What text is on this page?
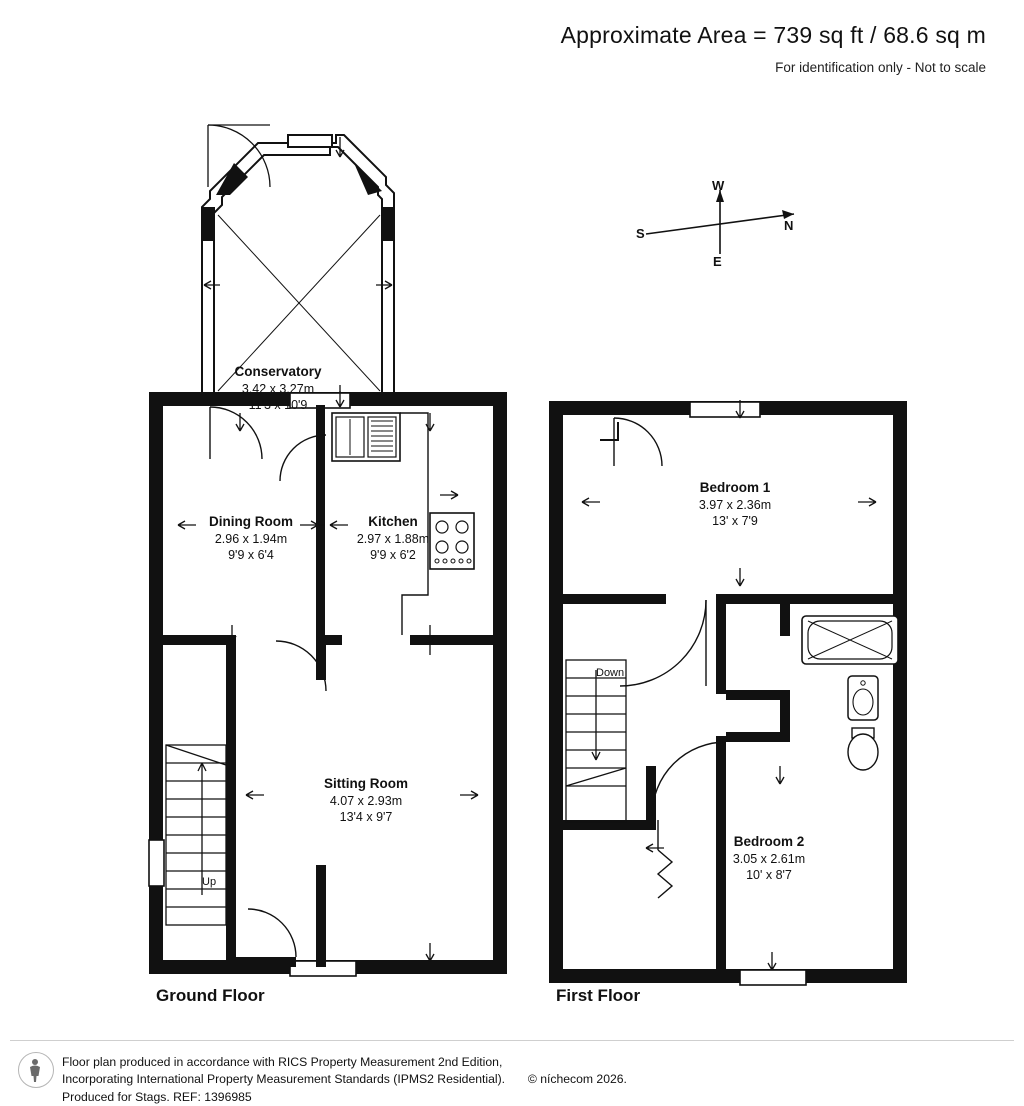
Approximate Area = 739 sq ft / 68.6 sq m
For identification only - Not to scale
N
S
E
W
Conservatory
3.42 x 3.27m
11'3 x 10'9
Dining Room
2.96 x 1.94m
9'9 x 6'4
Kitchen
2.97 x 1.88m
9'9 x 6'2
Sitting Room
4.07 x 2.93m
13'4 x 9'7
Up
Ground Floor
Bedroom 1
3.97 x 2.36m
13' x 7'9
Bedroom 2
3.05 x 2.61m
10' x 8'7
Down
First Floor
Floor plan produced in accordance with RICS Property Measurement 2nd Edition,
Incorporating International Property Measurement Standards (IPMS2 Residential). © níchecom 2026.
Produced for Stags. REF: 1396985
